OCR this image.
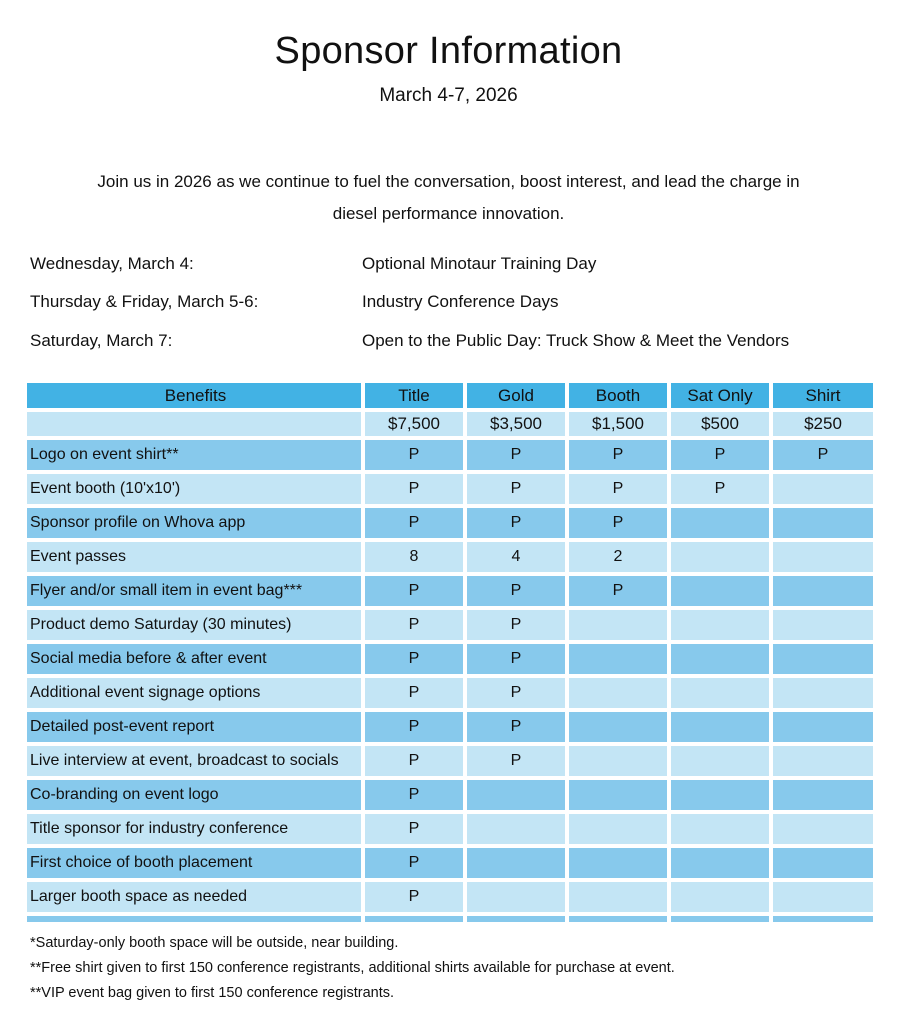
Sponsor Information
March 4-7, 2026
Join us in 2026 as we continue to fuel the conversation, boost interest, and lead the charge in
diesel performance innovation.
Wednesday, March 4:	Optional Minotaur Training Day
Thursday & Friday, March 5-6:	Industry Conference Days
Saturday, March 7:	Open to the Public Day: Truck Show & Meet the Vendors
Benefits	Title	Gold	Booth	Sat Only	Shirt
	$7,500	$3,500	$1,500	$500	$250
Logo on event shirt**	P	P	P	P	P
Event booth (10'x10')	P	P	P	P	
Sponsor profile on Whova app	P	P	P		
Event passes	8	4	2		
Flyer and/or small item in event bag***	P	P	P		
Product demo Saturday (30 minutes)	P	P			
Social media before & after event	P	P			
Additional event signage options	P	P			
Detailed post-event report	P	P			
Live interview at event, broadcast to socials	P	P			
Co-branding on event logo	P				
Title sponsor for industry conference	P				
First choice of booth placement	P				
Larger booth space as needed	P				

*Saturday-only booth space will be outside, near building.
**Free shirt given to first 150 conference registrants, additional shirts available for purchase at event.
**VIP event bag given to first 150 conference registrants.
